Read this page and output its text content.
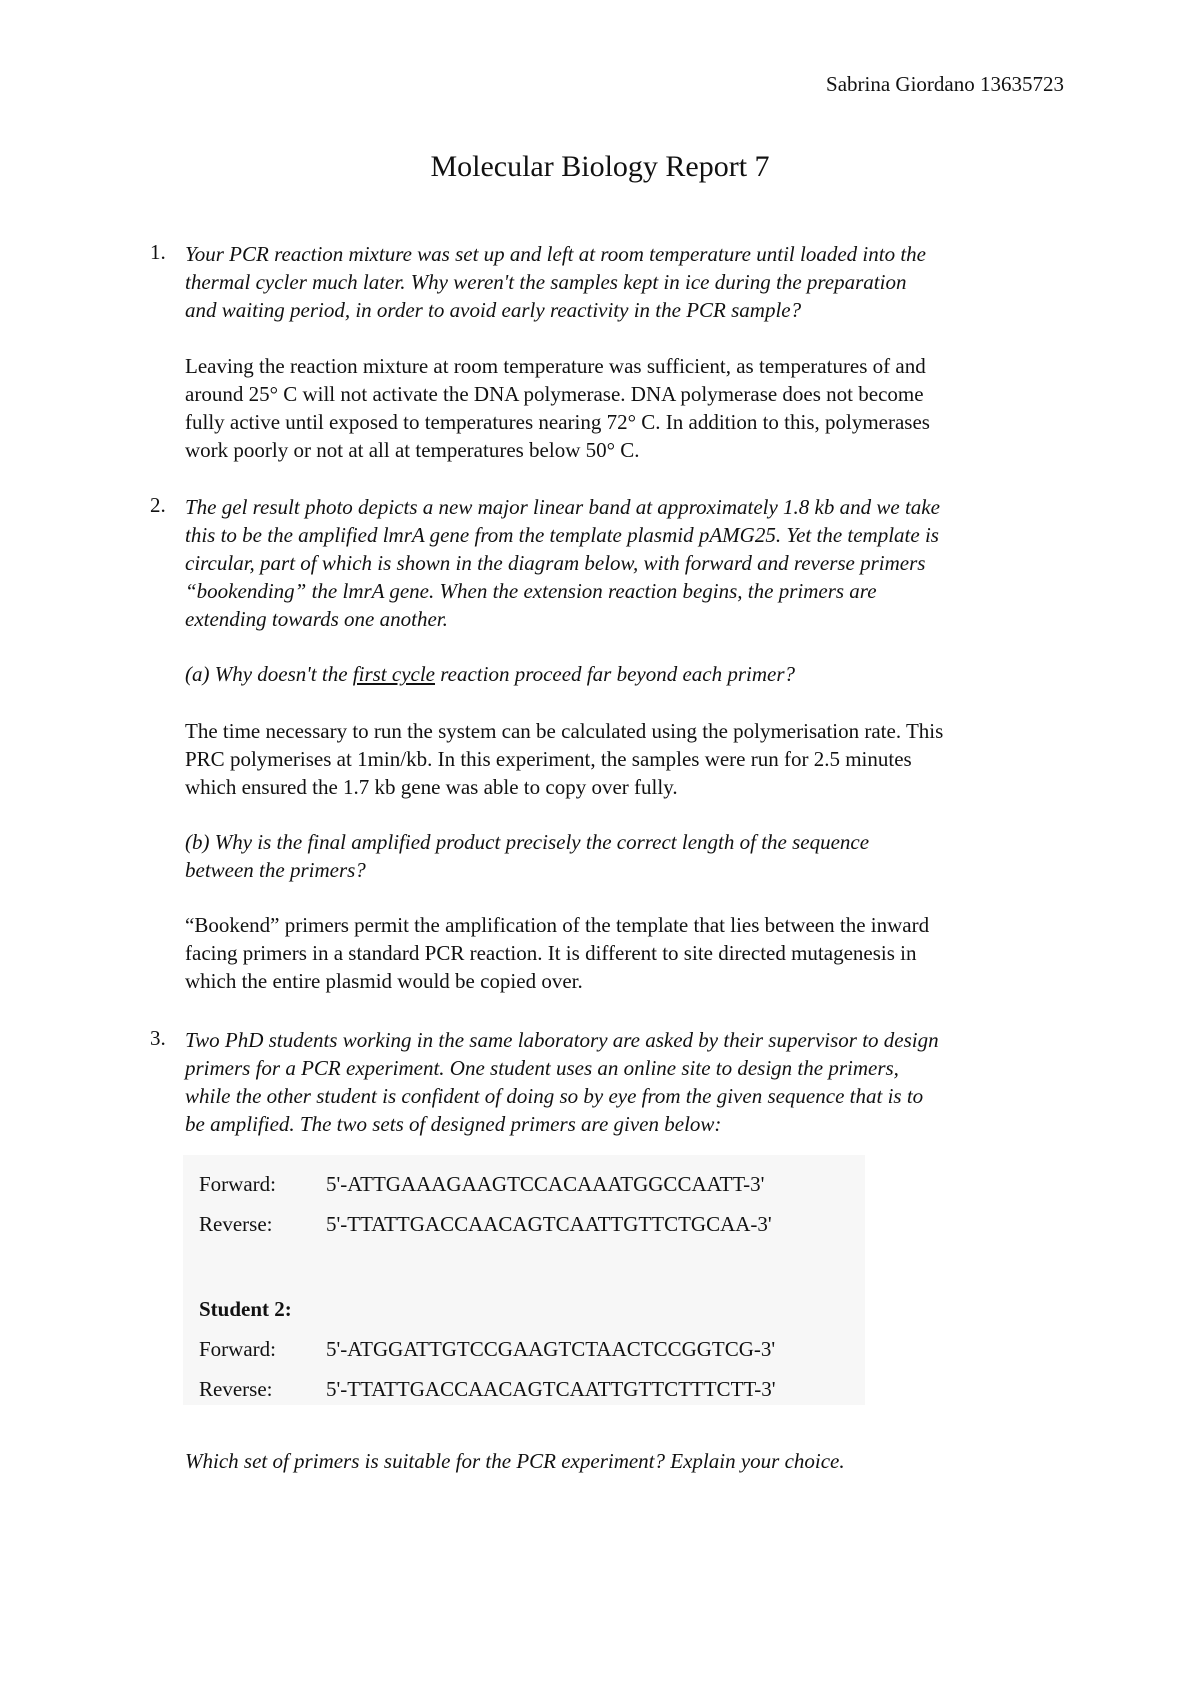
Sabrina Giordano 13635723
Molecular Biology Report 7
1. Your PCR reaction mixture was set up and left at room temperature until loaded into the
thermal cycler much later. Why weren't the samples kept in ice during the preparation
and waiting period, in order to avoid early reactivity in the PCR sample?
Leaving the reaction mixture at room temperature was sufficient, as temperatures of and
around 25° C will not activate the DNA polymerase. DNA polymerase does not become
fully active until exposed to temperatures nearing 72° C. In addition to this, polymerases
work poorly or not at all at temperatures below 50° C.
2. The gel result photo depicts a new major linear band at approximately 1.8 kb and we take
this to be the amplified lmrA gene from the template plasmid pAMG25. Yet the template is
circular, part of which is shown in the diagram below, with forward and reverse primers
“bookending” the lmrA gene. When the extension reaction begins, the primers are
extending towards one another.
(a) Why doesn't the first cycle reaction proceed far beyond each primer?
The time necessary to run the system can be calculated using the polymerisation rate. This
PRC polymerises at 1min/kb. In this experiment, the samples were run for 2.5 minutes
which ensured the 1.7 kb gene was able to copy over fully.
(b) Why is the final amplified product precisely the correct length of the sequence
between the primers?
“Bookend” primers permit the amplification of the template that lies between the inward
facing primers in a standard PCR reaction. It is different to site directed mutagenesis in
which the entire plasmid would be copied over.
3. Two PhD students working in the same laboratory are asked by their supervisor to design
primers for a PCR experiment. One student uses an online site to design the primers,
while the other student is confident of doing so by eye from the given sequence that is to
be amplified. The two sets of designed primers are given below:
Forward: 5'-ATTGAAAGAAGTCCACAAATGGCCAATT-3'
Reverse:	5'-TTATTGACCAACAGTCAATTGTTCTGCAA-3'
Student 2:
Forward: 5'-ATGGATTGTCCGAAGTCTAACTCCGGTCG-3'
Reverse:	5'-TTATTGACCAACAGTCAATTGTTCTTTCTT-3'
Which set of primers is suitable for the PCR experiment? Explain your choice.
